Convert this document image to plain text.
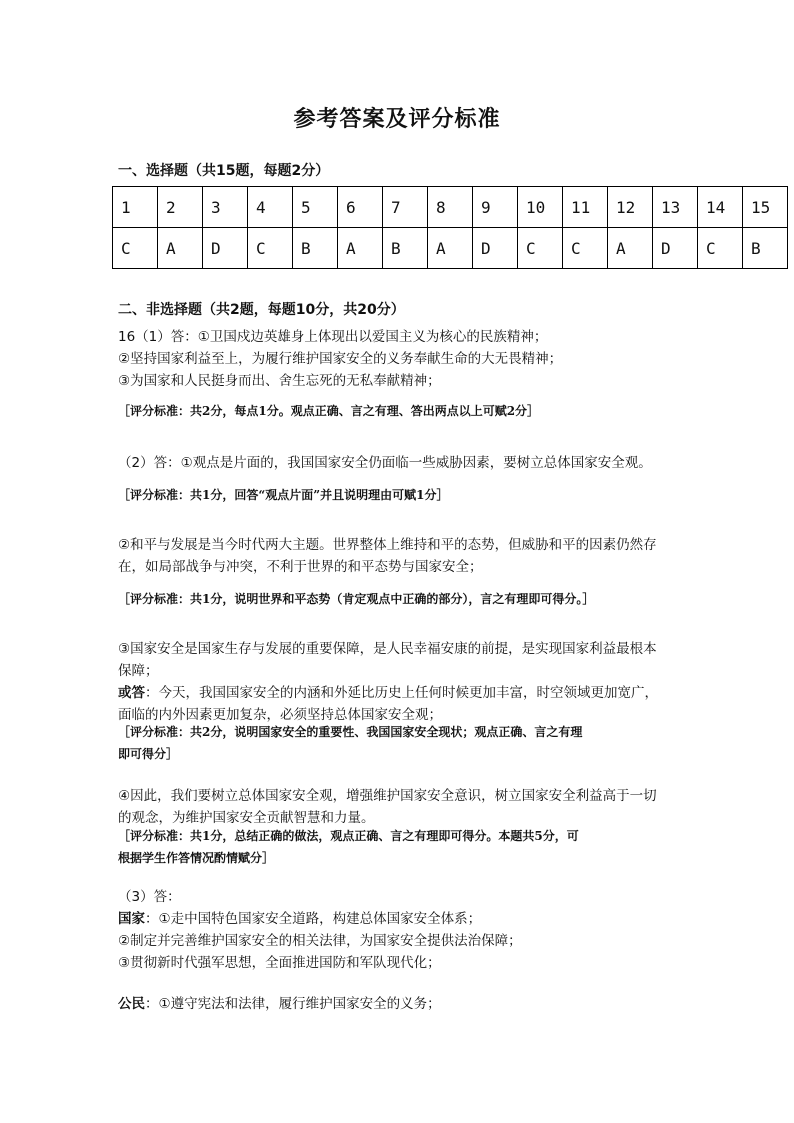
参考答案及评分标准
一、选择题（共15题，每题2分）
1	2	3	4	5	6	7	8	9	10	11	12	13	14	15
C	A	D	C	B	A	B	A	D	C	C	A	D	C	B
二、非选择题（共2题，每题10分，共20分）
16（1）答：①卫国戍边英雄身上体现出以爱国主义为核心的民族精神；
②坚持国家利益至上，为履行维护国家安全的义务奉献生命的大无畏精神；
③为国家和人民挺身而出、舍生忘死的无私奉献精神；
［评分标准：共2分，每点1分。观点正确、言之有理、答出两点以上可赋2分］
（2）答：①观点是片面的，我国国家安全仍面临一些威胁因素，要树立总体国家安全观。
［评分标准：共1分，回答“观点片面”并且说明理由可赋1分］
②和平与发展是当今时代两大主题。世界整体上维持和平的态势，但威胁和平的因素仍然存
在，如局部战争与冲突，不利于世界的和平态势与国家安全；
［评分标准：共1分，说明世界和平态势（肯定观点中正确的部分），言之有理即可得分。］
③国家安全是国家生存与发展的重要保障，是人民幸福安康的前提，是实现国家利益最根本
保障；
或答：今天，我国国家安全的内涵和外延比历史上任何时候更加丰富，时空领域更加宽广，
面临的内外因素更加复杂，必须坚持总体国家安全观；
［评分标准：共2分，说明国家安全的重要性、我国国家安全现状；观点正确、言之有理
即可得分］
④因此，我们要树立总体国家安全观，增强维护国家安全意识，树立国家安全利益高于一切
的观念，为维护国家安全贡献智慧和力量。
［评分标准：共1分，总结正确的做法，观点正确、言之有理即可得分。本题共5分，可
根据学生作答情况酌情赋分］
（3）答：
国家：①走中国特色国家安全道路，构建总体国家安全体系；
②制定并完善维护国家安全的相关法律，为国家安全提供法治保障；
③贯彻新时代强军思想，全面推进国防和军队现代化；
公民：①遵守宪法和法律，履行维护国家安全的义务；
